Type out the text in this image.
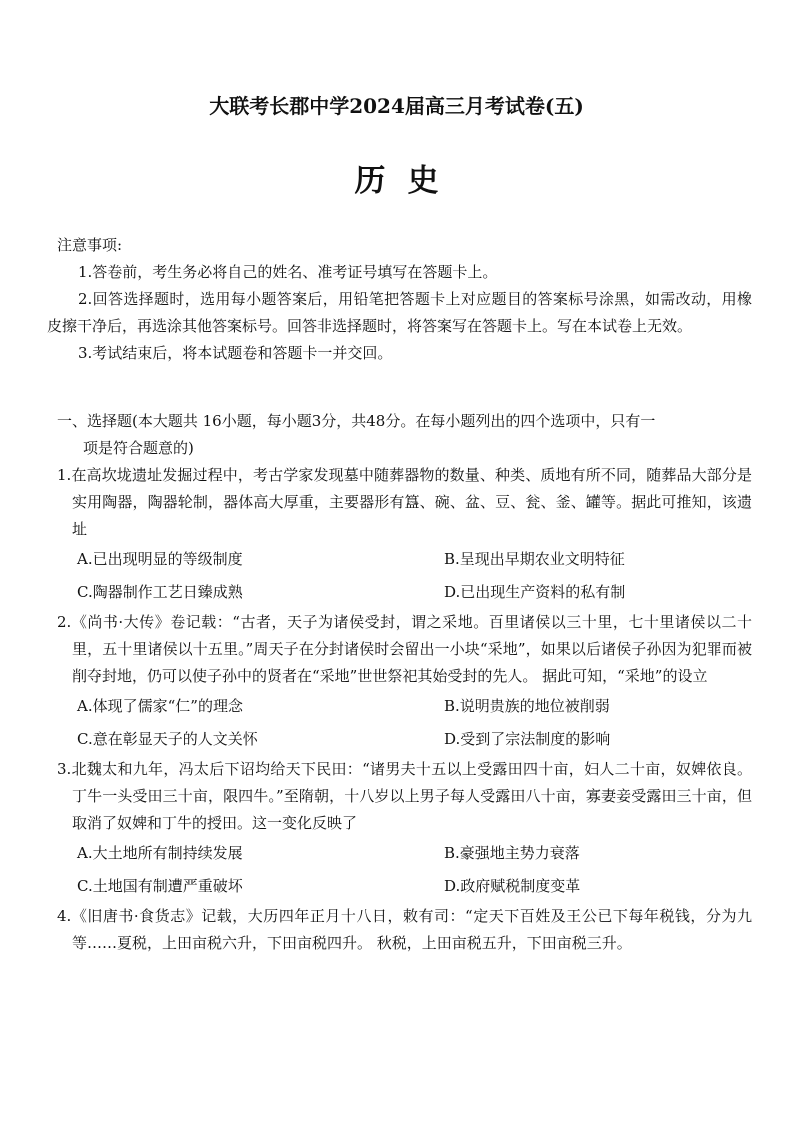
大联考长郡中学2024届高三月考试卷(五)
历史
注意事项:
1.答卷前，考生务必将自己的姓名、准考证号填写在答题卡上。
2.回答选择题时，选用每小题答案后，用铅笔把答题卡上对应题目的答案标号涂黑，如需改动，用橡皮擦干净后，再选涂其他答案标号。回答非选择题时，将答案写在答题卡上。写在本试卷上无效。
3.考试结束后，将本试题卷和答题卡一并交回。
一、选择题(本大题共 16小题，每小题3分，共48分。在每小题列出的四个选项中，只有一
项是符合题意的)
1.在高坎垅遗址发掘过程中，考古学家发现墓中随葬器物的数量、种类、质地有所不同，随葬品大部分是实用陶器，陶器轮制，器体高大厚重，主要器形有簋、碗、盆、豆、瓮、釜、罐等。据此可推知，该遗址
A.已出现明显的等级制度	B.呈现出早期农业文明特征
C.陶器制作工艺日臻成熟	D.已出现生产资料的私有制
2.《尚书·大传》卷记载：“古者，天子为诸侯受封，谓之采地。百里诸侯以三十里，七十里诸侯以二十里，五十里诸侯以十五里。”周天子在分封诸侯时会留出一小块“采地”，如果以后诸侯子孙因为犯罪而被削夺封地，仍可以使子孙中的贤者在“采地”世世祭祀其始受封的先人。 据此可知，“采地”的设立
A.体现了儒家“仁”的理念	B.说明贵族的地位被削弱
C.意在彰显天子的人文关怀	D.受到了宗法制度的影响
3.北魏太和九年，冯太后下诏均给天下民田：“诸男夫十五以上受露田四十亩，妇人二十亩，奴婢依良。丁牛一头受田三十亩，限四牛。”至隋朝，十八岁以上男子每人受露田八十亩，寡妻妾受露田三十亩，但取消了奴婢和丁牛的授田。这一变化反映了
A.大土地所有制持续发展	B.豪强地主势力衰落
C.土地国有制遭严重破坏	D.政府赋税制度变革
4.《旧唐书·食货志》记载，大历四年正月十八日，敕有司：“定天下百姓及王公已下每年税钱，分为九等……夏税，上田亩税六升，下田亩税四升。 秋税，上田亩税五升，下田亩税三升。
